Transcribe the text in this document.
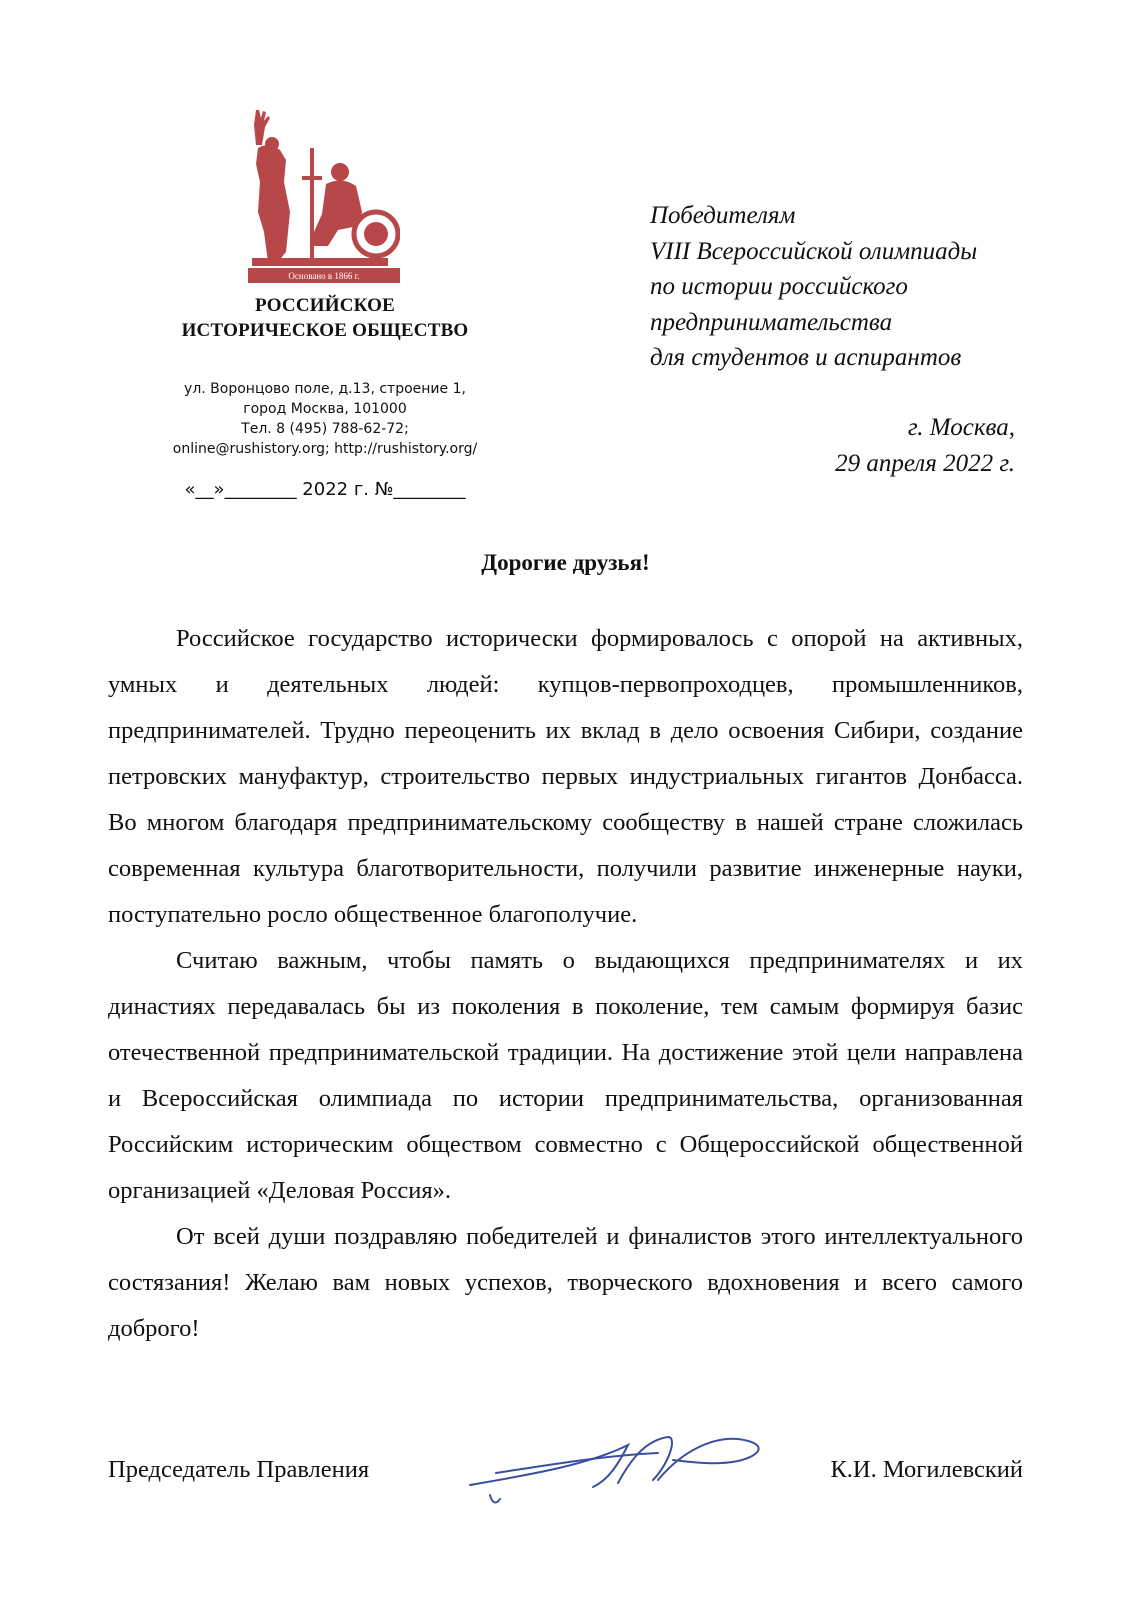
Основано в 1866 г.
РОССИЙСКОЕ
ИСТОРИЧЕСКОЕ ОБЩЕСТВО
ул. Воронцово поле, д.13, строение 1,
город Москва, 101000
Тел. 8 (495) 788-62-72;
online@rushistory.org; http://rushistory.org/
«__»________ 2022 г. №________
Победителям
VIII Всероссийской олимпиады
по истории российского
предпринимательства
для студентов и аспирантов
г. Москва,
29 апреля 2022 г.
Дорогие друзья!

Российское государство исторически формировалось с опорой на активных, умных и деятельных людей: купцов-первопроходцев, промышленников, предпринимателей. Трудно переоценить их вклад в дело освоения Сибири, создание петровских мануфактур, строительство первых индустриальных гигантов Донбасса. Во многом благодаря предпринимательскому сообществу в нашей стране сложилась современная культура благотворительности, получили развитие инженерные науки, поступательно росло общественное благополучие.

Считаю важным, чтобы память о выдающихся предпринимателях и их династиях передавалась бы из поколения в поколение, тем самым формируя базис отечественной предпринимательской традиции. На достижение этой цели направлена и Всероссийская олимпиада по истории предпринимательства, организованная Российским историческим обществом совместно с Общероссийской общественной организацией «Деловая Россия».

От всей души поздравляю победителей и финалистов этого интеллектуального состязания! Желаю вам новых успехов, творческого вдохновения и всего самого доброго!

Председатель Правления	К.И. Могилевский
